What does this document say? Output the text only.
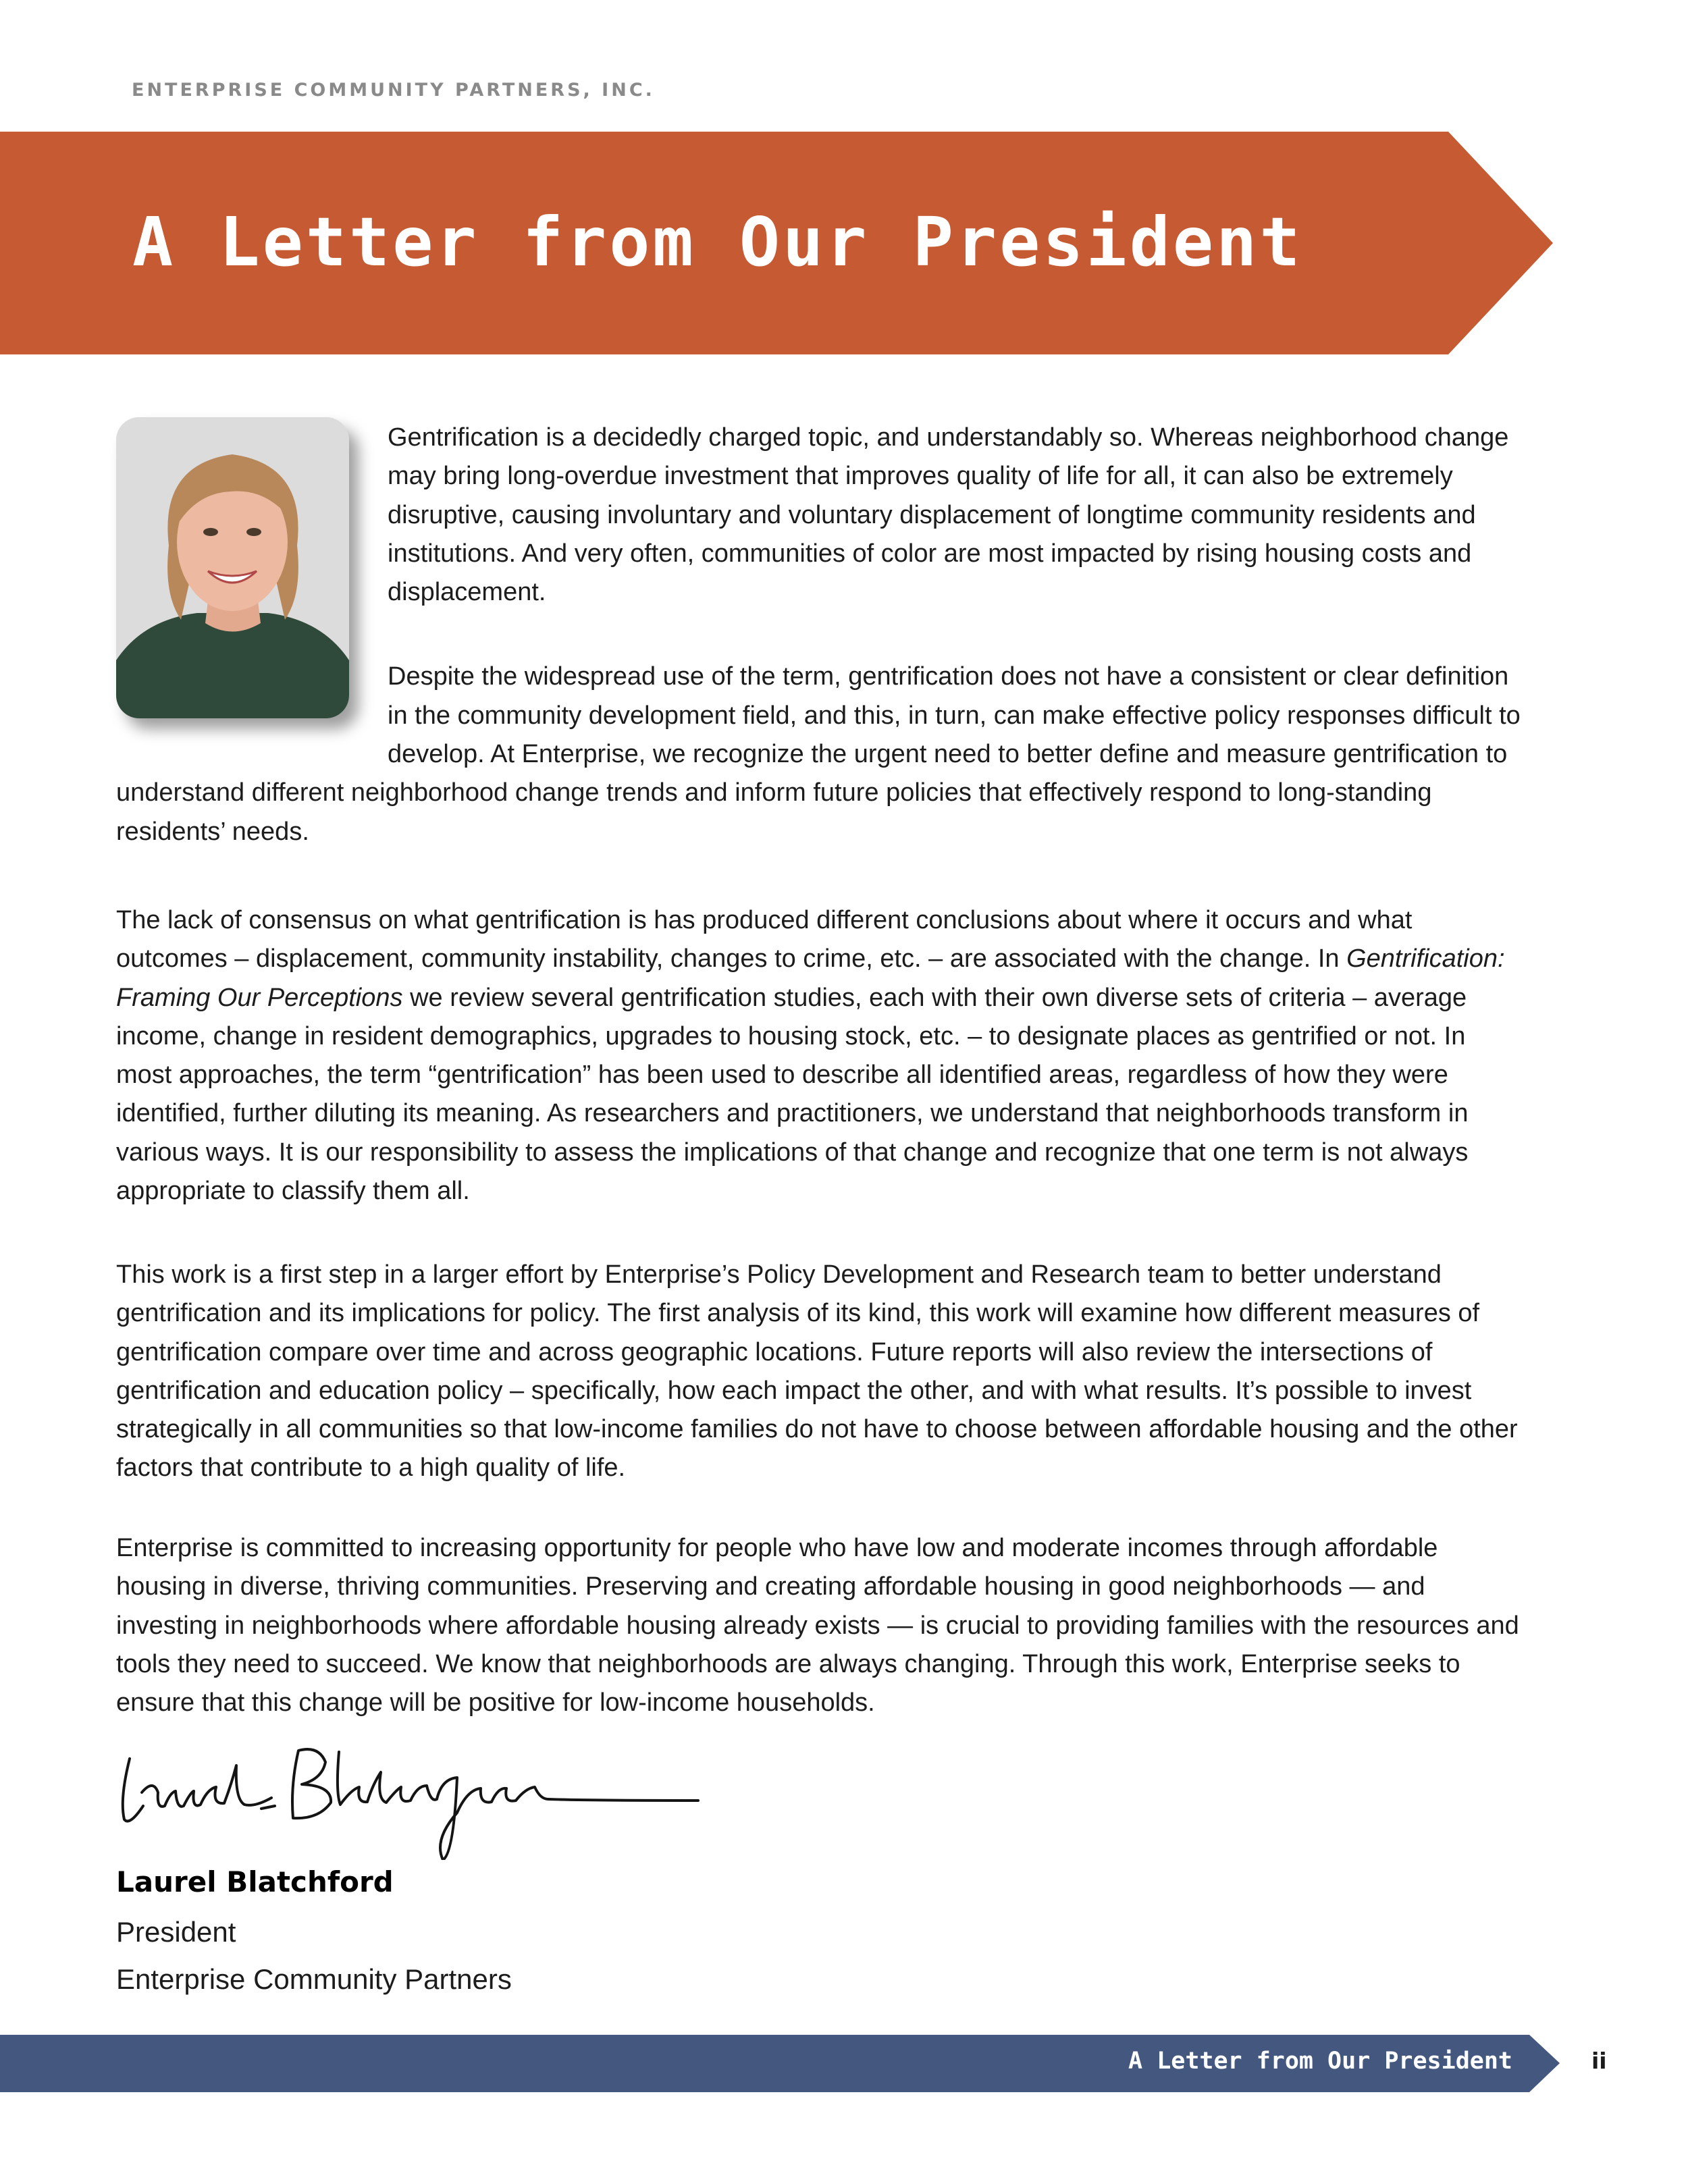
ENTERPRISE COMMUNITY PARTNERS, INC.
A Letter from Our President

Gentrification is a decidedly charged topic, and understandably so. Whereas neighborhood change may bring long-overdue investment that improves quality of life for all, it can also be extremely disruptive, causing involuntary and voluntary displacement of longtime community residents and institutions. And very often, communities of color are most impacted by rising housing costs and displacement.

Despite the widespread use of the term, gentrification does not have a consistent or clear definition in the community development field, and this, in turn, can make effective policy responses difficult to develop. At Enterprise, we recognize the urgent need to better define and measure gentrification to understand different neighborhood change trends and inform future policies that effectively respond to long-standing residents’ needs.

The lack of consensus on what gentrification is has produced different conclusions about where it occurs and what outcomes – displacement, community instability, changes to crime, etc. – are associated with the change. In Gentrification: Framing Our Perceptions we review several gentrification studies, each with their own diverse sets of criteria – average income, change in resident demographics, upgrades to housing stock, etc. – to designate places as gentrified or not. In most approaches, the term “gentrification” has been used to describe all identified areas, regardless of how they were identified, further diluting its meaning. As researchers and practitioners, we understand that neighborhoods transform in various ways. It is our responsibility to assess the implications of that change and recognize that one term is not always appropriate to classify them all.

This work is a first step in a larger effort by Enterprise’s Policy Development and Research team to better understand gentrification and its implications for policy. The first analysis of its kind, this work will examine how different measures of gentrification compare over time and across geographic locations. Future reports will also review the intersections of gentrification and education policy – specifically, how each impact the other, and with what results. It’s possible to invest strategically in all communities so that low-income families do not have to choose between affordable housing and the other factors that contribute to a high quality of life.

Enterprise is committed to increasing opportunity for people who have low and moderate incomes through affordable housing in diverse, thriving communities. Preserving and creating affordable housing in good neighborhoods — and investing in neighborhoods where affordable housing already exists — is crucial to providing families with the resources and tools they need to succeed. We know that neighborhoods are always changing. Through this work, Enterprise seeks to ensure that this change will be positive for low-income households.

Laurel Blatchford

President

Enterprise Community Partners

A Letter from Our President	ii
